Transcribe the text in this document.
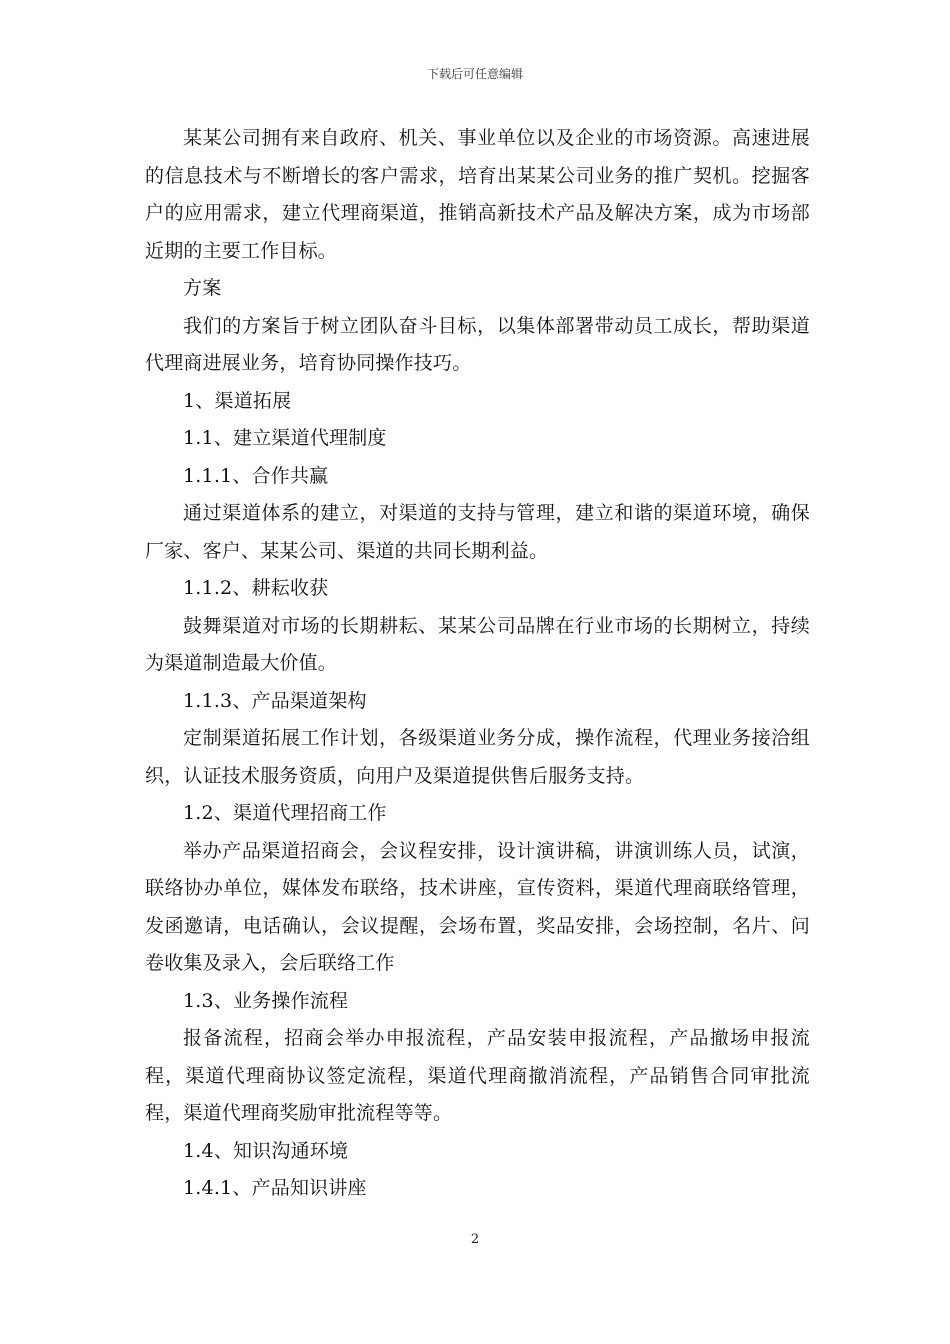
下载后可任意编辑

某某公司拥有来自政府、机关、事业单位以及企业的市场资源。高速进展的信息技术与不断增长的客户需求，培育出某某公司业务的推广契机。挖掘客户的应用需求，建立代理商渠道，推销高新技术产品及解决方案，成为市场部近期的主要工作目标。

方案

我们的方案旨于树立团队奋斗目标，以集体部署带动员工成长，帮助渠道代理商进展业务，培育协同操作技巧。

1、渠道拓展

1.1、建立渠道代理制度

1.1.1、合作共赢

通过渠道体系的建立，对渠道的支持与管理，建立和谐的渠道环境，确保厂家、客户、某某公司、渠道的共同长期利益。

1.1.2、耕耘收获

鼓舞渠道对市场的长期耕耘、某某公司品牌在行业市场的长期树立，持续为渠道制造最大价值。

1.1.3、产品渠道架构

定制渠道拓展工作计划，各级渠道业务分成，操作流程，代理业务接洽组织，认证技术服务资质，向用户及渠道提供售后服务支持。

1.2、渠道代理招商工作

举办产品渠道招商会，会议程安排，设计演讲稿，讲演训练人员，试演，联络协办单位，媒体发布联络，技术讲座，宣传资料，渠道代理商联络管理，发函邀请，电话确认，会议提醒，会场布置，奖品安排，会场控制，名片、问卷收集及录入，会后联络工作

1.3、业务操作流程

报备流程，招商会举办申报流程，产品安装申报流程，产品撤场申报流程，渠道代理商协议签定流程，渠道代理商撤消流程，产品销售合同审批流程，渠道代理商奖励审批流程等等。

1.4、知识沟通环境

1.4.1、产品知识讲座

2
